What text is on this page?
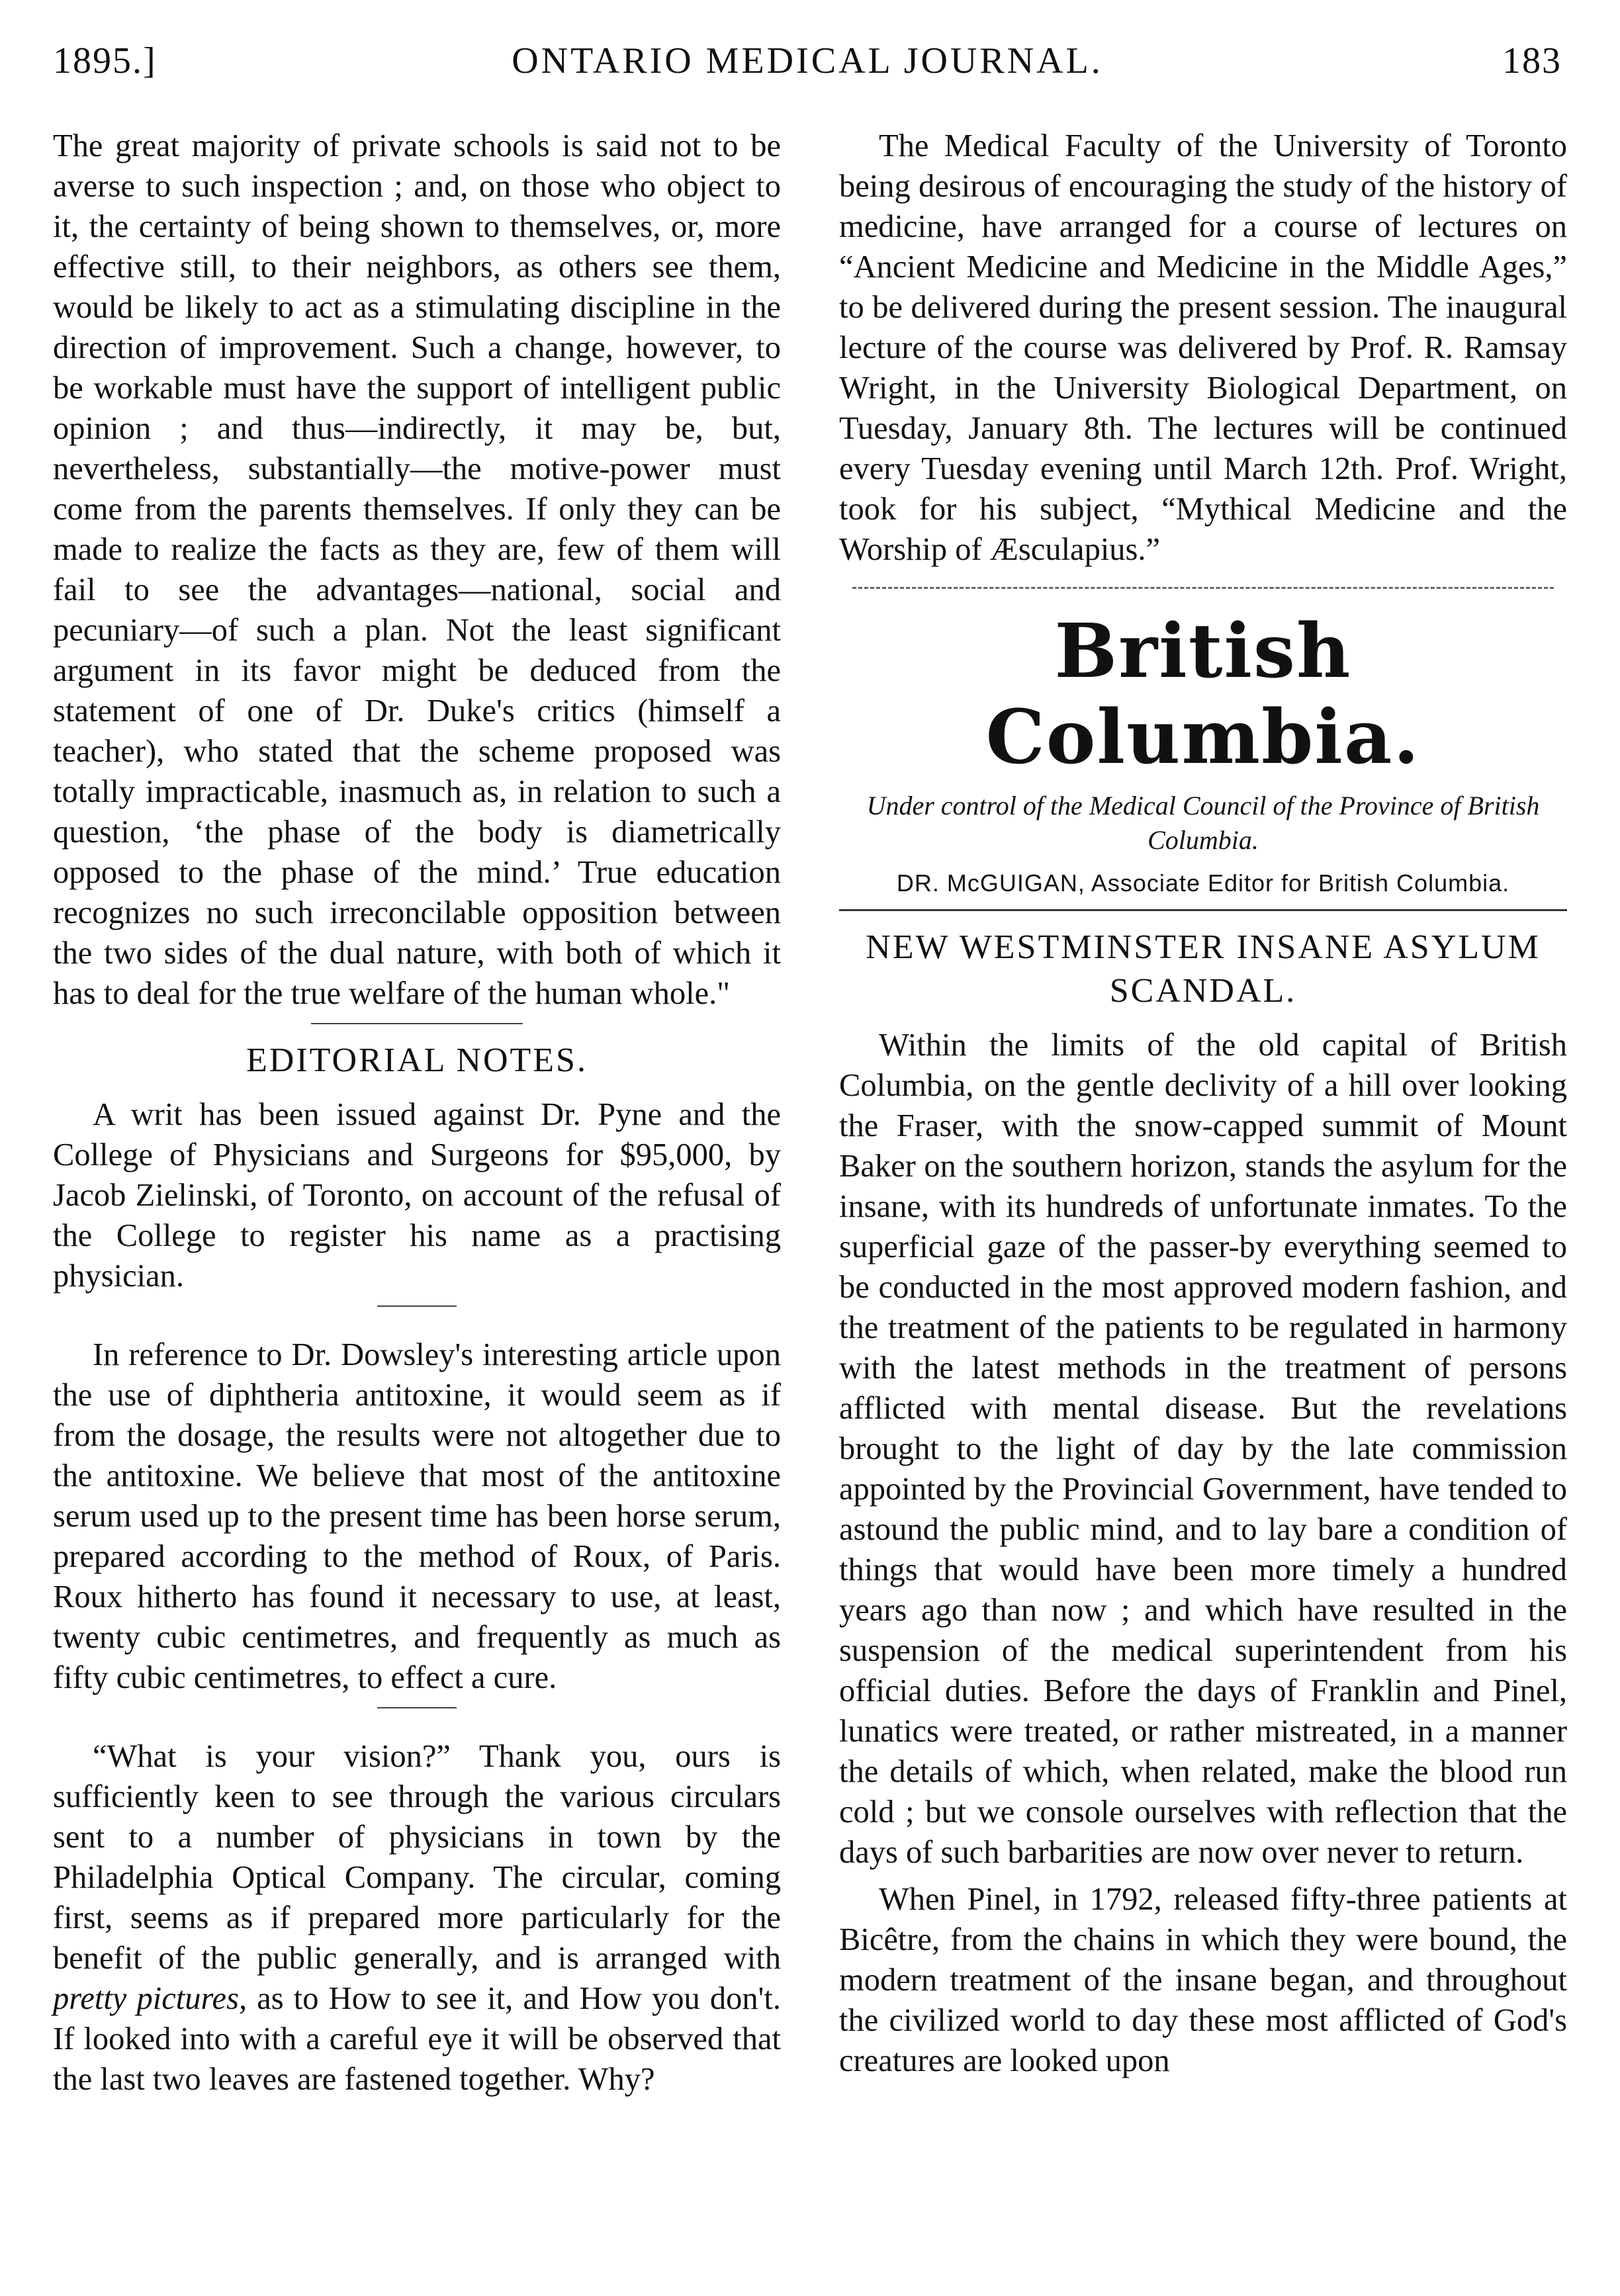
1895.]	ONTARIO MEDICAL JOURNAL.	183

The great majority of private schools is said not to be averse to such inspection ; and, on those who object to it, the certainty of being shown to themselves, or, more effective still, to their neighbors, as others see them, would be likely to act as a stimulating discipline in the direction of improvement. Such a change, however, to be workable must have the support of intelligent public opinion ; and thus—indirectly, it may be, but, nevertheless, substantially—the motive-power must come from the parents themselves. If only they can be made to realize the facts as they are, few of them will fail to see the advantages—national, social and pecuniary—of such a plan. Not the least significant argument in its favor might be deduced from the statement of one of Dr. Duke's critics (himself a teacher), who stated that the scheme proposed was totally impracticable, inasmuch as, in relation to such a question, ‘the phase of the body is diametrically opposed to the phase of the mind.’ True education recognizes no such irreconcilable opposition between the two sides of the dual nature, with both of which it has to deal for the true welfare of the human whole."

EDITORIAL NOTES.

A writ has been issued against Dr. Pyne and the College of Physicians and Surgeons for $95,000, by Jacob Zielinski, of Toronto, on account of the refusal of the College to register his name as a practising physician.

In reference to Dr. Dowsley's interesting article upon the use of diphtheria antitoxine, it would seem as if from the dosage, the results were not altogether due to the antitoxine. We believe that most of the antitoxine serum used up to the present time has been horse serum, prepared according to the method of Roux, of Paris. Roux hitherto has found it necessary to use, at least, twenty cubic centimetres, and frequently as much as fifty cubic centimetres, to effect a cure.

“What is your vision?” Thank you, ours is sufficiently keen to see through the various circulars sent to a number of physicians in town by the Philadelphia Optical Company. The circular, coming first, seems as if prepared more particularly for the benefit of the public generally, and is arranged with pretty pictures, as to How to see it, and How you don't. If looked into with a careful eye it will be observed that the last two leaves are fastened together. Why?

The Medical Faculty of the University of Toronto being desirous of encouraging the study of the history of medicine, have arranged for a course of lectures on “Ancient Medicine and Medicine in the Middle Ages,” to be delivered during the present session. The inaugural lecture of the course was delivered by Prof. R. Ramsay Wright, in the University Biological Department, on Tuesday, January 8th. The lectures will be continued every Tuesday evening until March 12th. Prof. Wright, took for his subject, “Mythical Medicine and the Worship of Æsculapius.”

British Columbia.
Under control of the Medical Council of the Province of British Columbia.
DR. McGUIGAN, Associate Editor for British Columbia.
NEW WESTMINSTER INSANE ASYLUM SCANDAL.

Within the limits of the old capital of British Columbia, on the gentle declivity of a hill over looking the Fraser, with the snow-capped summit of Mount Baker on the southern horizon, stands the asylum for the insane, with its hundreds of unfortunate inmates. To the superficial gaze of the passer-by everything seemed to be conducted in the most approved modern fashion, and the treatment of the patients to be regulated in harmony with the latest methods in the treatment of persons afflicted with mental disease. But the revelations brought to the light of day by the late commission appointed by the Provincial Government, have tended to astound the public mind, and to lay bare a condition of things that would have been more timely a hundred years ago than now ; and which have resulted in the suspension of the medical superintendent from his official duties. Before the days of Franklin and Pinel, lunatics were treated, or rather mistreated, in a manner the details of which, when related, make the blood run cold ; but we console ourselves with reflection that the days of such barbarities are now over never to return.

When Pinel, in 1792, released fifty-three patients at Bicêtre, from the chains in which they were bound, the modern treatment of the insane began, and throughout the civilized world to day these most afflicted of God's creatures are looked upon
